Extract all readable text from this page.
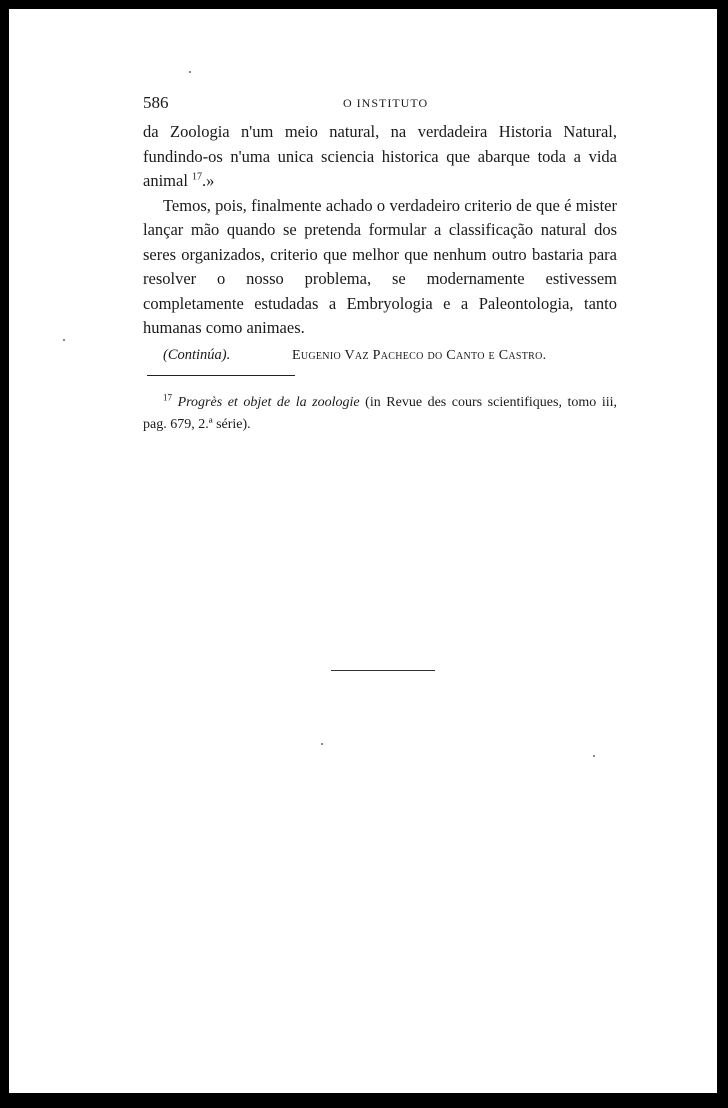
586	O INSTITUTO

da Zoologia n'um meio natural, na verdadeira Historia Natural, fundindo-os n'uma unica sciencia historica que abarque toda a vida animal $^{17}$.»

Temos, pois, finalmente achado o verdadeiro criterio de que é mister lançar mão quando se pretenda formular a classificação natural dos seres organizados, criterio que melhor que nenhum outro bastaria para resolver o nosso problema, se modernamente estivessem completamente estudadas a Embryologia e a Paleontologia, tanto humanas como animaes.

(Continúa).	Eugenio Vaz Pacheco do Canto e Castro.
$^{17}$ Progrès et objet de la zoologie (in Revue des cours scientifiques, tomo iii, pag. 679, 2.ª série).
